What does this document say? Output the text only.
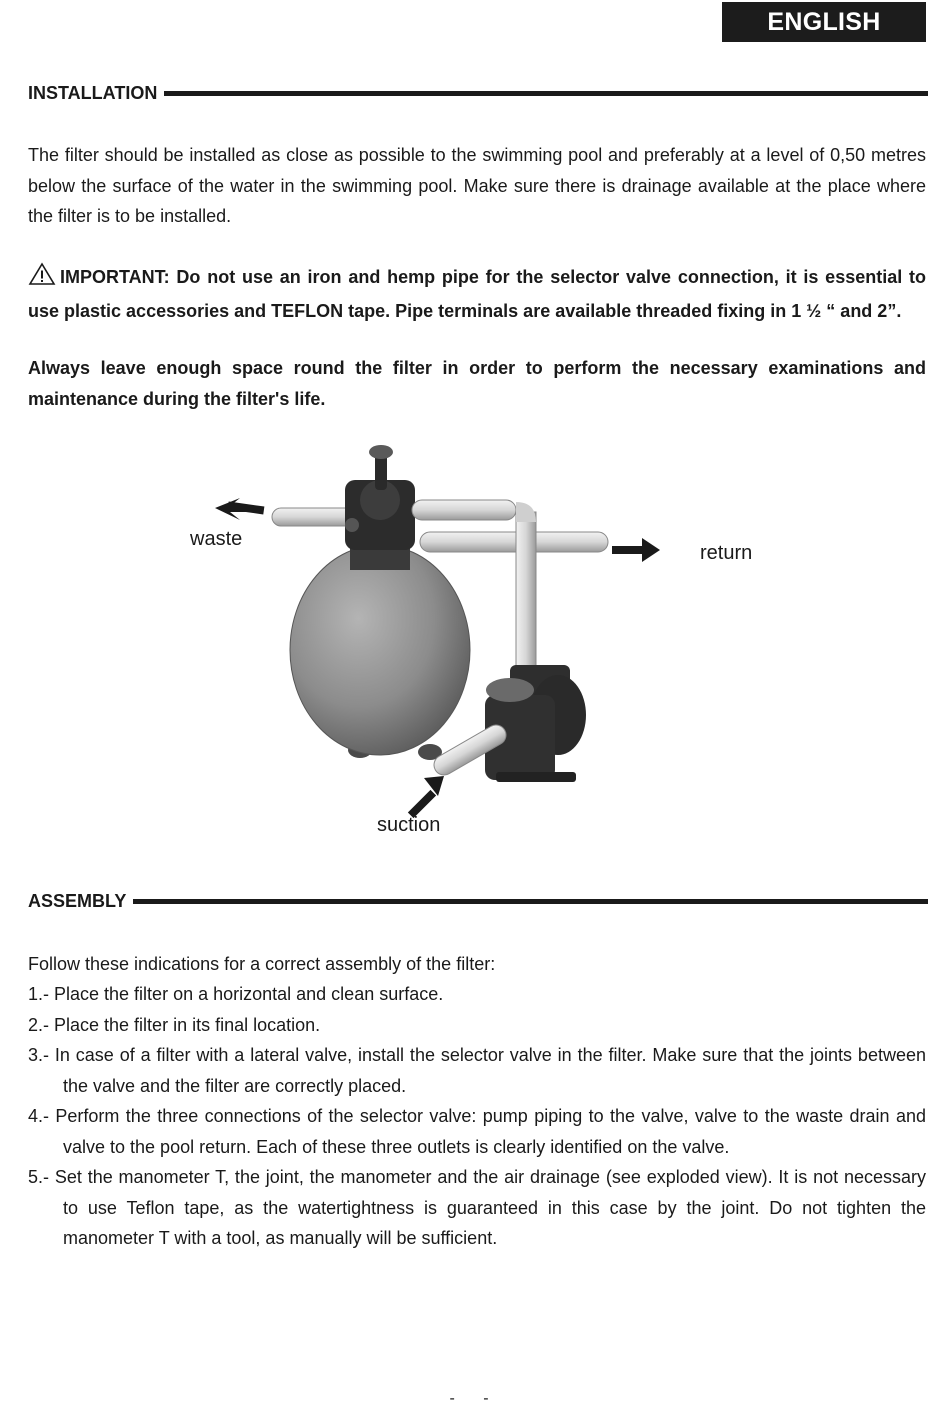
ENGLISH
INSTALLATION

The filter should be installed as close as possible to the swimming pool and preferably at a level of 0,50 metres below the surface of the water in the swimming pool. Make sure there is drainage available at the place where the filter is to be installed.

IMPORTANT: Do not use an iron and hemp pipe for the selector valve connection, it is essential to use plastic accessories and TEFLON tape. Pipe terminals are available threaded fixing in 1 ½ “ and 2”.

Always leave enough space round the filter in order to perform the necessary examinations and maintenance during the filter's life.

waste
return
suction
ASSEMBLY

Follow these indications for a correct assembly of the filter:

1.- Place the filter on a horizontal and clean surface.
2.- Place the filter in its final location.
3.- In case of a filter with a lateral valve, install the selector valve in the filter. Make sure that the joints between the valve and the filter are correctly placed.
4.- Perform the three connections of the selector valve: pump piping to the valve, valve to the waste drain and valve to the pool return. Each of these three outlets is clearly identified on the valve.
5.- Set the manometer T, the joint, the manometer and the air drainage (see exploded view). It is not necessary to use Teflon tape, as the watertightness is guaranteed in this case by the joint. Do not tighten the manometer T with a tool, as manually will be sufficient.
- -
